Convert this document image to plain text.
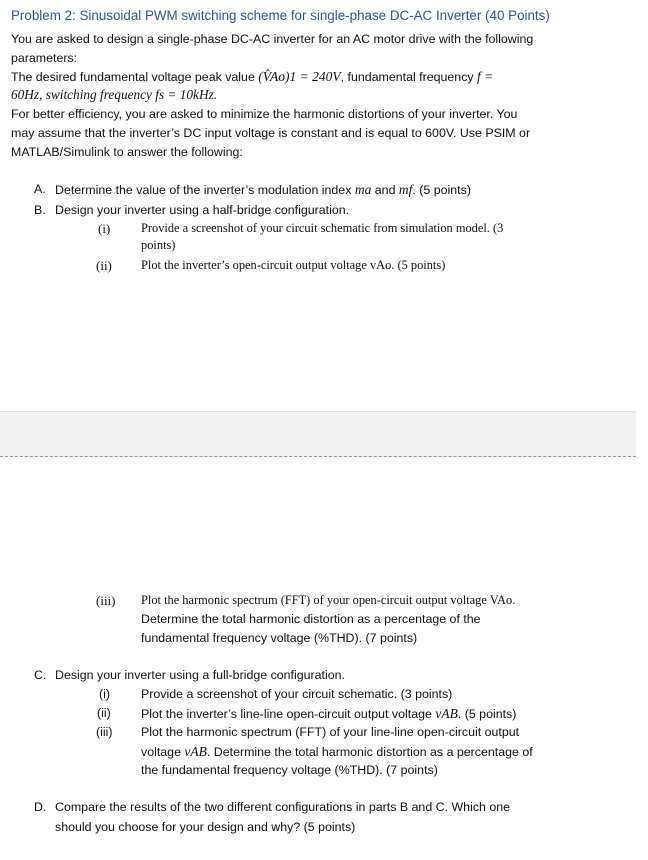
Problem 2: Sinusoidal PWM switching scheme for single-phase DC-AC Inverter (40 Points)
You are asked to design a single-phase DC-AC inverter for an AC motor drive with the following
parameters:
The desired fundamental voltage peak value (V̂Ao)1 = 240V, fundamental frequency f =
60Hz, switching frequency fs = 10kHz.
For better efficiency, you are asked to minimize the harmonic distortions of your inverter. You
may assume that the inverter’s DC input voltage is constant and is equal to 600V. Use PSIM or
MATLAB/Simulink to answer the following:
A. Determine the value of the inverter’s modulation index ma and mf. (5 points)
B. Design your inverter using a half-bridge configuration.
(i) Provide a screenshot of your circuit schematic from simulation model. (3
points)
(ii) Plot the inverter’s open-circuit output voltage vAo. (5 points)
(iii) Plot the harmonic spectrum (FFT) of your open-circuit output voltage VAo.
Determine the total harmonic distortion as a percentage of the
fundamental frequency voltage (%THD). (7 points)
C. Design your inverter using a full-bridge configuration.
(i) Provide a screenshot of your circuit schematic. (3 points)
(ii) Plot the inverter’s line-line open-circuit output voltage vAB. (5 points)
(iii) Plot the harmonic spectrum (FFT) of your line-line open-circuit output
voltage vAB. Determine the total harmonic distortion as a percentage of
the fundamental frequency voltage (%THD). (7 points)
D. Compare the results of the two different configurations in parts B and C. Which one
should you choose for your design and why? (5 points)
